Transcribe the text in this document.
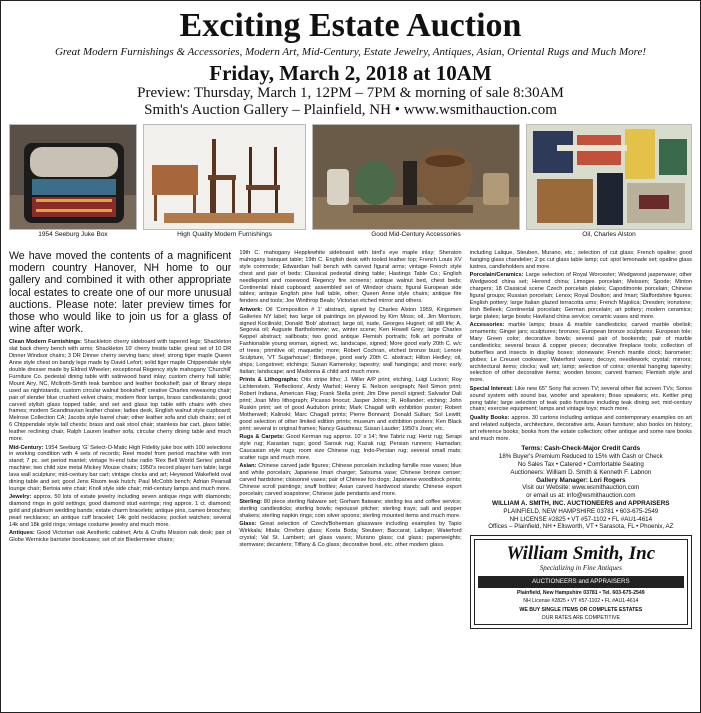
Exciting Estate Auction
Great Modern Furnishings & Accessories, Modern Art, Mid-Century, Estate Jewelry, Antiques, Asian, Oriental Rugs and Much More!
Friday, March 2, 2018 at 10AM
Preview: Thursday, March 1, 12PM – 7PM & morning of sale 8:30AM
Smith's Auction Gallery – Plainfield, NH • www.wsmithauction.com
1954 Seeburg Juke Box	High Quality Modern Furnishings	Good Mid-Century Accessories	Oil, Charles Alston
We have moved the contents of a magnificent modern country Hanover, NH home to our gallery and combined it with other appropriate local estates to create one of our more unusual auctions. Please note: later preview times for those who would like to join us for a glass of wine after work.

Clean Modern Furnishings: Shackleton cherry sideboard with tapered legs; Shackleton slat back cherry bench with arms; Shackleton 10' cherry trestle table; great set of 10 DR Dinner Windsor chairs; 3 DR Dinner cherry serving bars; steel; strong tiger maple Queen Anne style chest on bandy legs made by David Lefort; solid tiger maple Chippendale style double dresser made by Eldred Wheeler; exceptional Regency style mahogany 'Churchill' Furniture Co. pedestal dining table with satinwood band inlay; custom cherry hall table; Mount Airy, NC, Mcllroth-Smith teak bamboo and leather bookshelf; pair of library steps used as nightstands, custom circular walnut bookshelf; creative Charles reweaving chair; pair of slender blue crushed velvet chairs; modern floor lamps, brass candlestands; good carved stylish glass topped table; and set and glass top table with chairs with chev frames; modern Scandinavian leather chaise; ladies desk, English walnut style cupboard; Melrose Collection CA; Jacobs style barrel chair; other leather sofa and club chairs; set of 6 Chippendale style tall chests; brass and oak stool chair; stainless bar cart, glass table; leather reclining chair, Ralph Lauren leather sofa, circular cherry dining table and much more.

Mid-Century: 1954 Seeburg 'G' Select-O-Matic High Fidelity juke box with 100 selections in working condition with 4 sets of records; Reel model from period machine with iron stand; 7 pc. set period mantel; vintage hi-end tube radio 'Rex Bell World Series' pinball machine; two child size metal Mickey Mouse chairs; 1950's record player turn table; large lava wall sculpture; mid-century bar cart; vintage clocks and art; Heywood Wakefield oval dining table and set; good Jens Risom teak hutch; Paul McCobb bench; Adrian Pearsall lounge chair; Bertoia wire chair; Knoll style side chair; mid-century lamps and much more.

Jewelry: approx. 50 lots of estate jewelry including seven antique rings with diamonds; diamond rings in gold settings; good diamond stud earrings; ring approx. 1 ct. diamond; gold and platinum wedding bands; estate charm bracelets; antique pins, cameo brooches; pearl necklaces; an antique cuff bracelet; 14k gold necklaces; pocket watches; several 14k and 18k gold rings; vintage costume jewelry and much more.

Antiques: Good Victorian oak Aesthetic cabinet; Arts & Crafts Mission oak desk; pair of Globe Wernicke barrister bookcases; set of six Biedermeier chairs;

19th C. mahogany Hepplewhite sideboard with bird's eye maple inlay; Sheraton mahogany banquet table; 19th C. English desk with tooled leather top; French Louis XV style commode; Edwardian hall bench with carved figural arms; vintage French style chest and pair of beds; Classical pedestal dining table; Hastings Table Co.; English needlepoint and rosewood Regency fire screens; antique walnut bed, chest beds; Continental inlaid cupboard; assembled set of Windsor chairs; figural European side tables; antique English pine hall table, other; Queen Anne style chairs; antique fire fenders and tools; Joe Winthrop Beals; Victorian etched mirror and others.

Artwork: Oil 'Composition # 1' abstract, signed by Charles Alston 1959, Kingsmen Galleries NY label; two large oil paintings on plywood by Kim Moss; oil, Jim Morrison, signed Kocilinski; Donald 'Bob' abstract; large oil, nude, Georges Hugnet; oil still life; A. Segovia oil; Auguste Bartholomew; wc, winter scene; Ken Howell Grey; large Charles Keppel abstract; sailboats; two good antique Flemish portraits; folk art portraits of Fashionable young woman, signed; wc, landscape, signed; More good early 20th C. w/c of trees; primitive oil; maquette; more; Robert Cochran, etched bronze bust; Lenore Sculpture, 'VT Sugarhouse'; Birdseye, good early 20th C. abstract; Hilton Hedley; oil, ships; Longstreet; etchings; Susan Kamensky; tapestry; wall hangings; and more; early Italian; landscape; and Madonna & child and much more.

Prints & Lithographs: Otis stripe litho; J. Miller A/P print; etching, Luigi Lucioni; Roy Lichtenstein, 'Reflections', Andy Warhol; Henry E. Nelson serigraph; Neil Simon print; Robert Indiana, American Flag; Frank Stella print; Jim Dine pencil signed; Salvador Dali print; Joan Miro lithograph; Picasso linocut; Jasper Johns; R. Hollander; etching; John Ruskin print; set of good Audubon prints; Mark Chagall with exhibition poster; Robert Motherwell; Kalinski; Marc Chagall prints; Pierre Bonnard; Donald Sultan; Sol Lewitt; good selection of other limited edition prints; museum and exhibition posters; Ken Black print; several in original frames; Nancy Gaudreau; Susan Lauder; 1950's Joan; etc.

Rugs & Carpets: Good Kerman rug approx. 10' x 14'; fine Tabriz rug; Heriz rug; Serapi style rug; Karastan rugs; good Sarouk rug; Kazak rug; Persian runners; Hamadan; Caucasian style rugs; room size Chinese rug; Indo-Persian rug; several small mats; scatter rugs and much more.

Asian: Chinese carved jade figures; Chinese porcelain including famille rose vases; blue and white porcelain; Japanese Imari charger; Satsuma vase; Chinese bronze censer; carved hardstone; cloisonné vases; pair of Chinese foo dogs; Japanese woodblock prints; Chinese scroll paintings; snuff bottles; Asian carved hardwood stands; Chinese export porcelain; carved soapstone; Chinese jade pendants and more.

Sterling: 80 piece sterling flatware set; Gorham flatware; sterling tea and coffee service; sterling candlesticks; sterling bowls; repoussé pitcher; sterling trays; salt and pepper shakers; sterling napkin rings; coin silver spoons; sterling mounted items and much more.

Glass: Great selection of Czech/Bohemian glassware including examples by Tapio Wirkkala; Iittala; Orrefors glass; Kosta Boda; Steuben; Baccarat; Lalique; Waterford crystal; Val St. Lambert; art glass vases; Murano glass; cut glass; paperweights; stemware; decanters; Tiffany & Co glass; decorative bowl, etc. other modern glass.

including Lalique, Steuben, Murano, etc.; selection of cut glass; French opaline; good hanging glass chandelier; 2 pc cut glass table lamp; cut: spot lemonade set; opaline glass lustres, candleholders and more.

Porcelain/Ceramics: Large selection of Royal Worcester; Wedgwood jasperware; other Wedgwood china set; Herend china; Limoges porcelain; Meissen; Spode; Minton chargers; 18 Classical scene Czech porcelain plates; Capodimonte porcelain; Chinese figural groups; Russian porcelain; Lenox; Royal Doulton; and Imari; Staffordshire figures; English pottery; large Italian glazed terracotta urns; French Majolica; Dresden; ironstone; Irish Belleek; Continental porcelain; German porcelain; art pottery; modern ceramics; large plates; large bowls; Haviland china service; ceramic vases and more.

Accessories: marble lamps; brass & marble candlesticks; carved marble obelisk; ornaments; Ginger jars; sculptures; bronzes; European bronze sculptures; European tole; Mary Green color; decorative bowls; several pair of bookends; pair of marble candlesticks; several brass & copper pieces; decorative fireplace tools; collection of butterflies and insects in display boxes; stoneware; French mantle clock; barometer; globes; Le Creuset cookware; Waterford vases; decoys; needlework; crystal; mirrors; architectural items; clocks; wall art; lamp; selection of coins; oriental hanging tapestry; selection of other decorative items; wooden boxes; carved frames; Flemish style and more.

Special Interest: Like new 65" Sony flat screen TV; several other flat screen TVs; Sonos sound system with sound bar, woofer and speakers; Bose speakers; etc. Kettler ping pong table; large selection of teak patio furniture including teak dining set; mid-century chairs; exercise equipment; lamps and vintage toys; much more.

Quality Books: approx. 30 cartons including antique and contemporary examples on art and related subjects, architecture, decorative arts, Asian furniture; also books on history; art reference books; books from the estate collection; other antique and some rare books and much more.

Terms: Cash-Check-Major Credit Cards
18% Buyer's Premium Reduced to 15% with Cash or Check
No Sales Tax • Catered • Comfortable Seating
Auctioneers: William D. Smith & Kenneth F. Labnon
Gallery Manager: Lori Rogers
Visit our Website: www.wsmithauction.com
or email us at: info@wsmithauction.com
WILLIAM A. SMITH, INC. AUCTIONEERS and APPRAISERS
PLAINFIELD, NEW HAMPSHIRE 03781 • 603-675-2549
NH LICENSE #2825 • VT #57-1102 • FL #AU1-4614
Offices – Plainfield, NH • Ellsworth, VT • Sarasota, FL • Phoenix, AZ
William Smith, Inc
Specializing in Fine Antiques
AUCTIONEERS and APPRAISERS
Plainfield, New Hampshire 03781 • Tel. 603-675-2549
NH License #2825 • VT #57-1102 • FL #AU1-4614
WE BUY SINGLE ITEMS OR COMPLETE ESTATES
OUR RATES ARE COMPETITIVE
